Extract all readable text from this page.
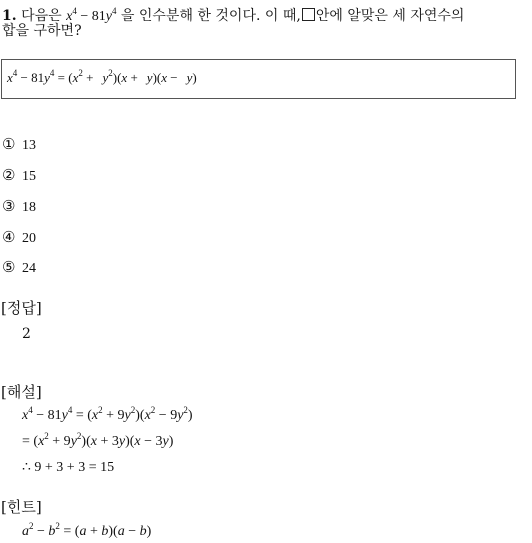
1. 다음은 $x^4 - 81y^4$ 을 인수분해 한 것이다. 이 때, 안에 알맞은 세 자연수의
합을 구하면?
$x^4 - 81y^4 = (x^2 + y^2)(x + y)(x - y)$
① 13
② 15
③ 18
④ 20
⑤ 24
[정답]
2
[해설]
$x^4 - 81y^4 = (x^2 + 9y^2)(x^2 - 9y^2)$
= $(x^2 + 9y^2)(x + 3y)(x - 3y)$
∴ 9 + 3 + 3 = 15
[힌트]
$a^2 - b^2 = (a + b)(a - b)$
